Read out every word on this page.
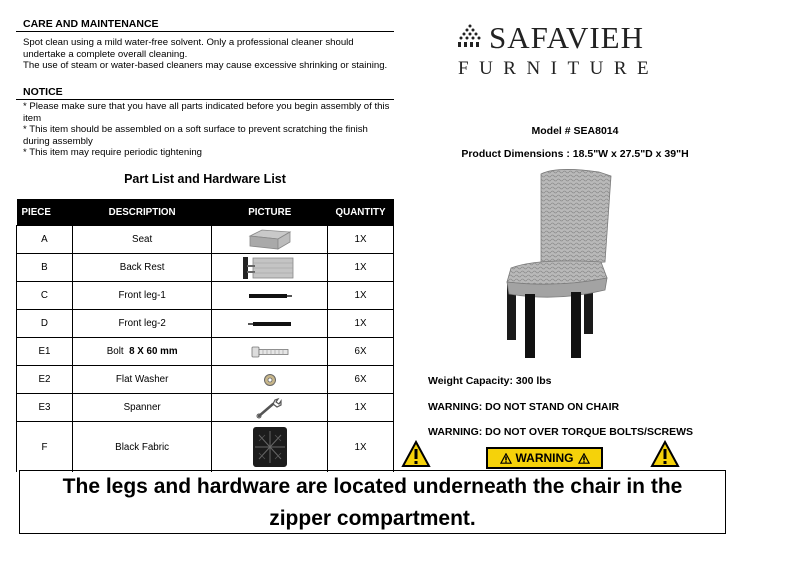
CARE AND MAINTENANCE
Spot clean using a mild water-free solvent. Only a professional cleaner should
undertake a complete overall cleaning.
The use of steam or water-based cleaners may cause excessive shrinking or staining.
NOTICE
* Please make sure that you have all parts indicated before you begin assembly of this
item
* This item should be assembled on a soft surface to prevent scratching the finish
during assembly
* This item may require periodic tightening
Part List and Hardware List
PIECE	DESCRIPTION	PICTURE	QUANTITY
A	Seat		1X
B	Back Rest		1X
C	Front leg-1		1X
D	Front leg-2		1X
E1	Bolt 8 X 60 mm		6X
E2	Flat Washer		6X
E3	Spanner		1X
F	Black Fabric		1X
SAFAVIEH
FURNITURE
Model # SEA8014
Product Dimensions : 18.5"W x 27.5"D x 39"H
Weight Capacity: 300 lbs
WARNING: DO NOT STAND ON CHAIR
WARNING: DO NOT OVER TORQUE BOLTS/SCREWS
WARNING
The legs and hardware are located underneath the chair in the
zipper compartment.
